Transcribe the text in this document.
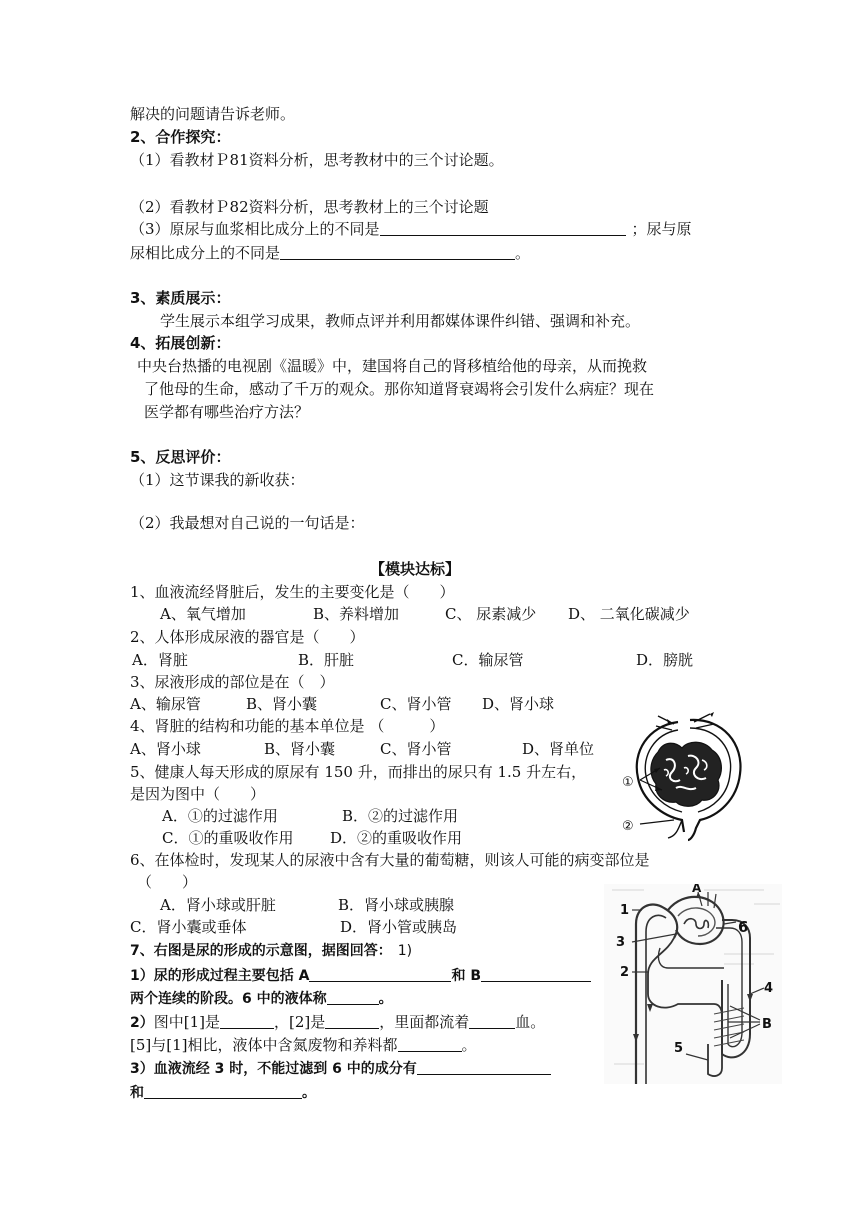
解决的问题请告诉老师。
2、合作探究：
（1）看教材Ｐ81资料分析，思考教材中的三个讨论题。
（2）看教材Ｐ82资料分析，思考教材上的三个讨论题
（3）原尿与血浆相比成分上的不同是	；尿与原
尿相比成分上的不同是	。
3、素质展示：
学生展示本组学习成果，教师点评并利用都媒体课件纠错、强调和补充。
4、拓展创新：
中央台热播的电视剧《温暖》中，建国将自己的肾移植给他的母亲，从而挽救
了他母的生命，感动了千万的观众。那你知道肾衰竭将会引发什么病症？现在
医学都有哪些治疗方法？
5、反思评价：
（1）这节课我的新收获：
（2）我最想对自己说的一句话是：
【模块达标】
1、血液流经肾脏后，发生的主要变化是（　　）
A、氧气增加	B、养料增加	C、 尿素减少 D、 二氧化碳减少
2、人体形成尿液的器官是（　　）
A．肾脏	B．肝脏	C．输尿管	D．膀胱
3、尿液形成的部位是在（　）
A、输尿管	B、肾小囊	C、肾小管 D、肾小球
4、肾脏的结构和功能的基本单位是 （　　　）
A、肾小球	B、肾小囊	C、肾小管	D、肾单位
5、健康人每天形成的原尿有 150 升，而排出的尿只有 1.5 升左右，
是因为图中（　　）
A．①的过滤作用	B．②的过滤作用
C．①的重吸收作用 D．②的重吸收作用
6、在体检时，发现某人的尿液中含有大量的葡萄糖，则该人可能的病变部位是
（　　）
A．肾小球或肝脏	B．肾小球或胰腺
C．肾小囊或垂体	D．肾小管或胰岛
7、右图是尿的形成的示意图，据图回答： 1)
1）尿的形成过程主要包括 A	和 B
两个连续的阶段。6 中的液体称	。
2）图中[1]是	，[2]是	，里面都流着	血。
[5]与[1]相比，液体中含氮废物和养料都	。
3）血液流经 3 时，不能过滤到 6 中的成分有
和	。
①
②
1
2
3
4
5
6
A
B
